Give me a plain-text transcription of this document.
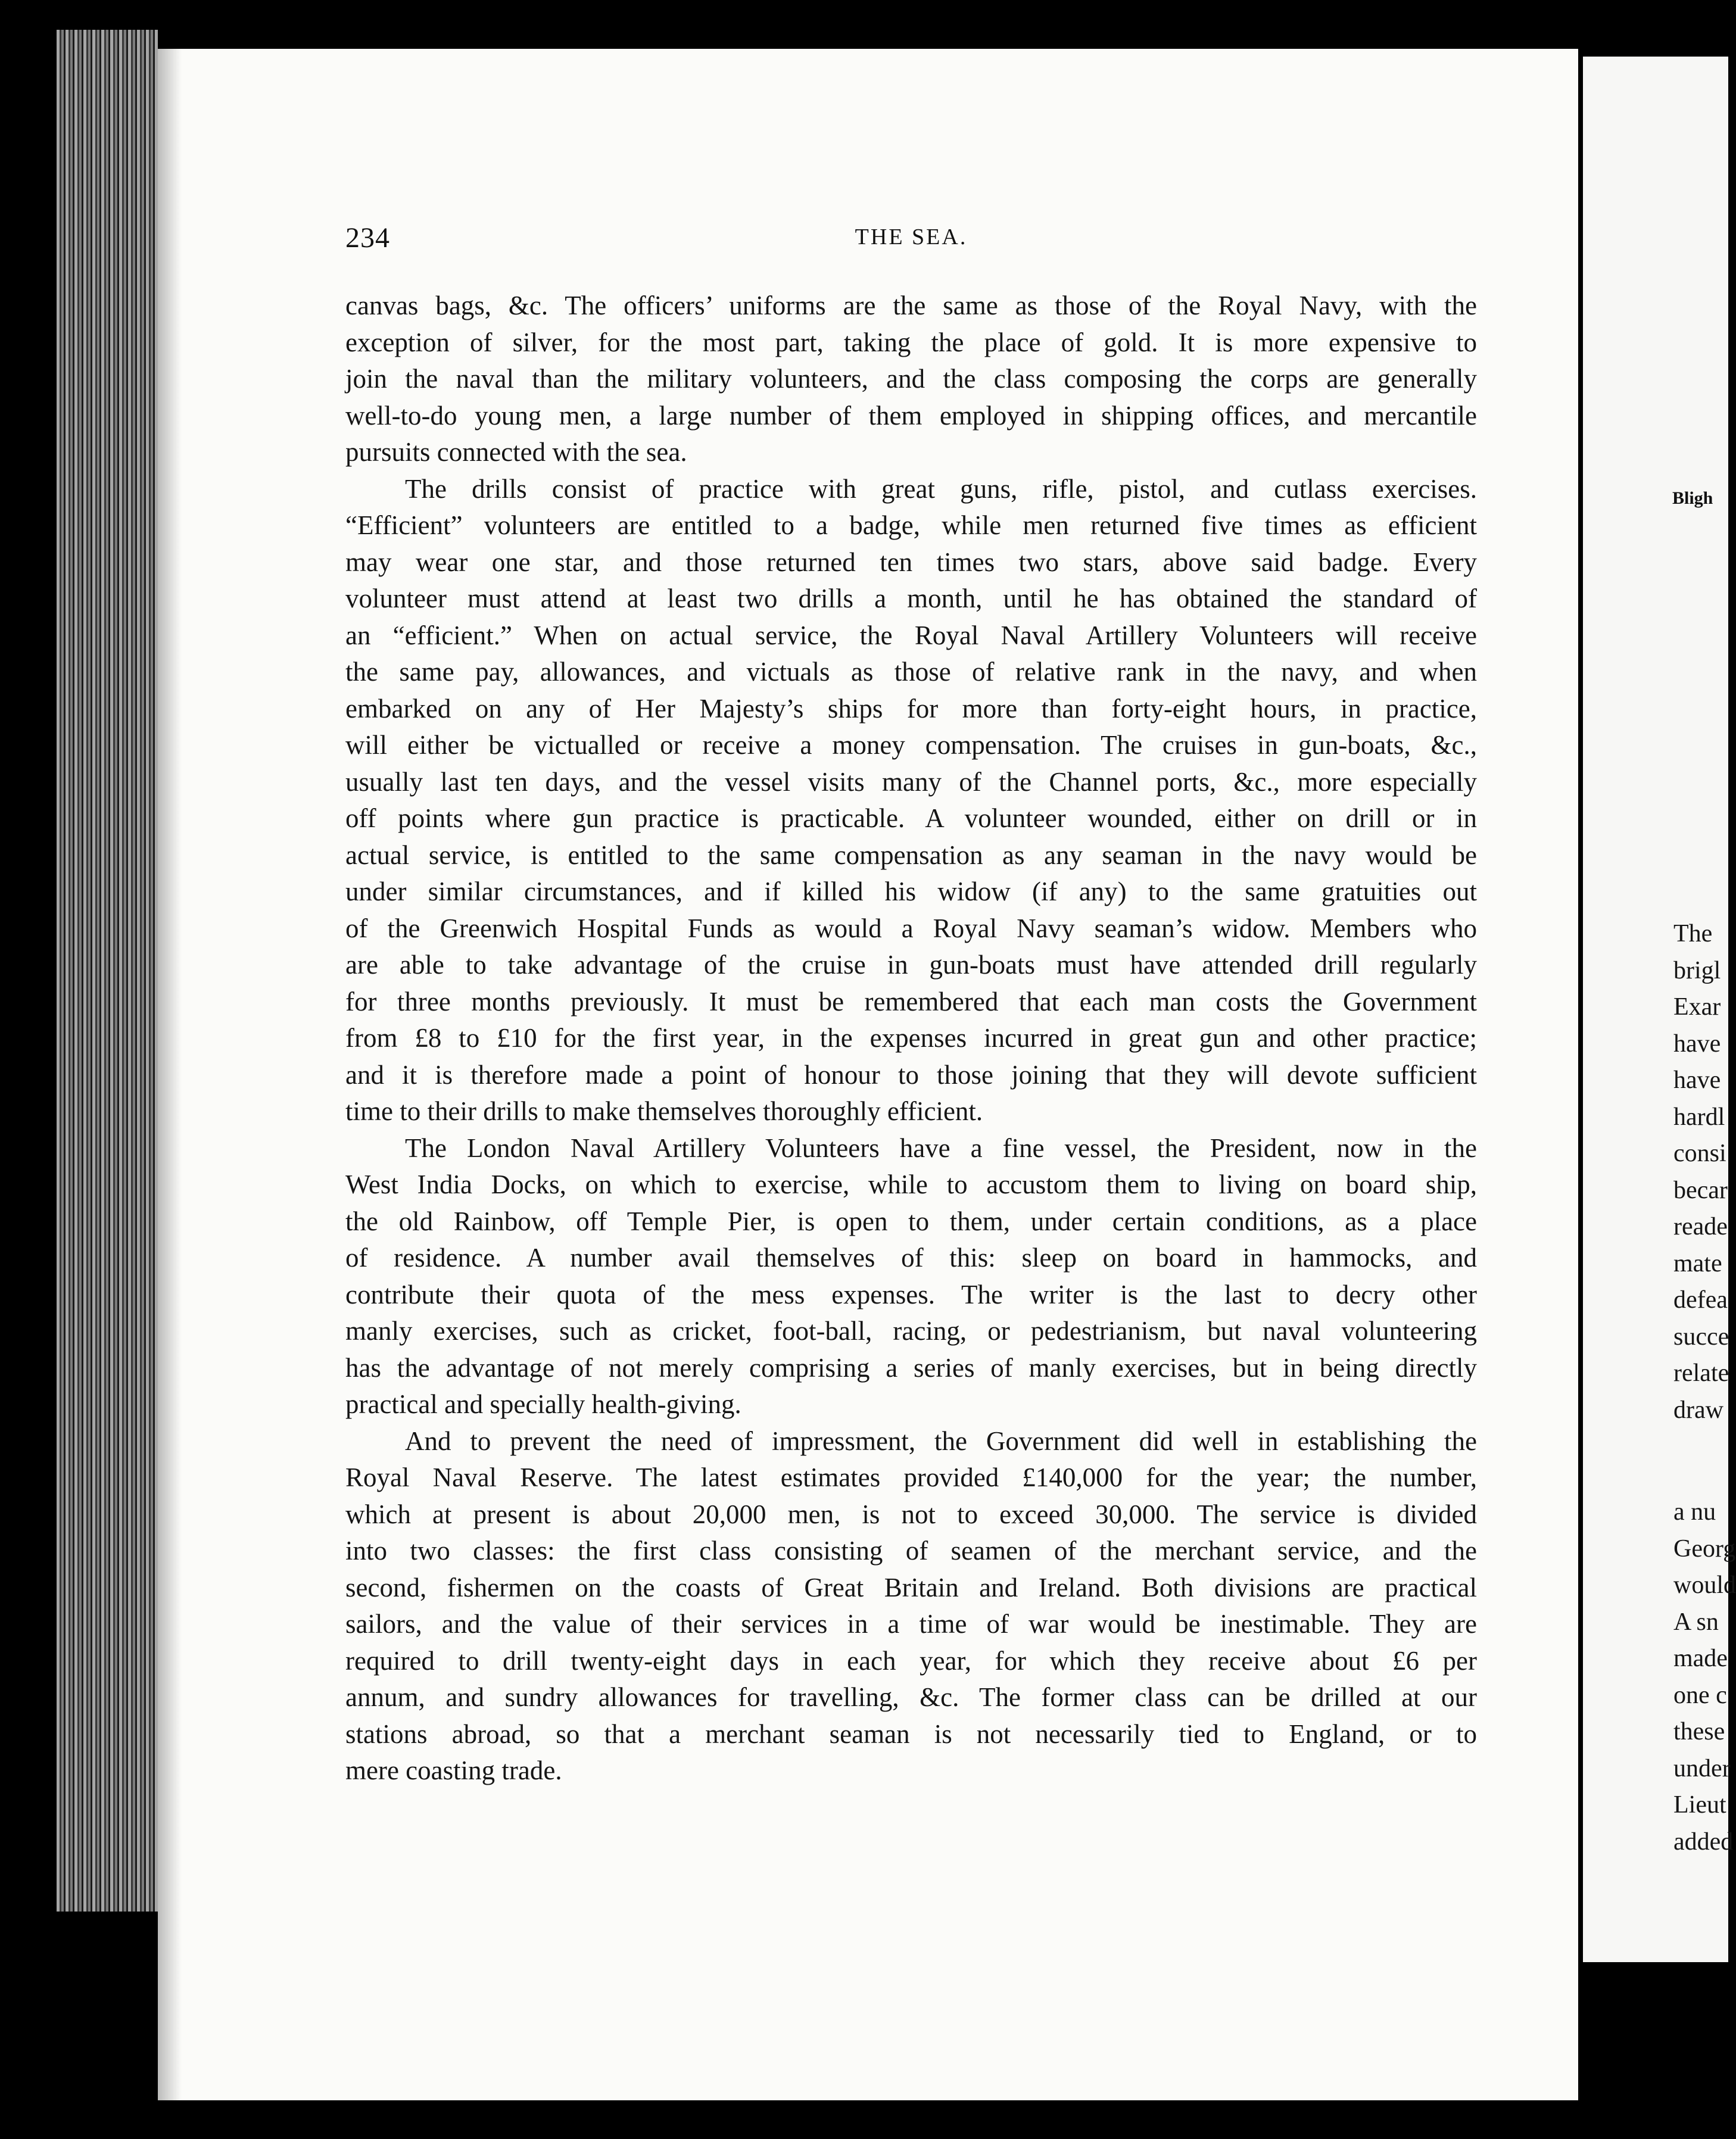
234	THE SEA.
canvas bags, &c. The officers’ uniforms are the same as those of the Royal Navy, with the
exception of silver, for the most part, taking the place of gold. It is more expensive to
join the naval than the military volunteers, and the class composing the corps are generally
well-to-do young men, a large number of them employed in shipping offices, and mercantile
pursuits connected with the sea.
The drills consist of practice with great guns, rifle, pistol, and cutlass exercises.
“Efficient” volunteers are entitled to a badge, while men returned five times as efficient
may wear one star, and those returned ten times two stars, above said badge. Every
volunteer must attend at least two drills a month, until he has obtained the standard of
an “efficient.” When on actual service, the Royal Naval Artillery Volunteers will receive
the same pay, allowances, and victuals as those of relative rank in the navy, and when
embarked on any of Her Majesty’s ships for more than forty-eight hours, in practice,
will either be victualled or receive a money compensation. The cruises in gun-boats, &c.,
usually last ten days, and the vessel visits many of the Channel ports, &c., more especially
off points where gun practice is practicable. A volunteer wounded, either on drill or in
actual service, is entitled to the same compensation as any seaman in the navy would be
under similar circumstances, and if killed his widow (if any) to the same gratuities out
of the Greenwich Hospital Funds as would a Royal Navy seaman’s widow. Members who
are able to take advantage of the cruise in gun-boats must have attended drill regularly
for three months previously. It must be remembered that each man costs the Government
from £8 to £10 for the first year, in the expenses incurred in great gun and other practice;
and it is therefore made a point of honour to those joining that they will devote sufficient
time to their drills to make themselves thoroughly efficient.
The London Naval Artillery Volunteers have a fine vessel, the President, now in the
West India Docks, on which to exercise, while to accustom them to living on board ship,
the old Rainbow, off Temple Pier, is open to them, under certain conditions, as a place
of residence. A number avail themselves of this: sleep on board in hammocks, and
contribute their quota of the mess expenses. The writer is the last to decry other
manly exercises, such as cricket, foot-ball, racing, or pedestrianism, but naval volunteering
has the advantage of not merely comprising a series of manly exercises, but in being directly
practical and specially health-giving.
And to prevent the need of impressment, the Government did well in establishing the
Royal Naval Reserve. The latest estimates provided £140,000 for the year; the number,
which at present is about 20,000 men, is not to exceed 30,000. The service is divided
into two classes: the first class consisting of seamen of the merchant service, and the
second, fishermen on the coasts of Great Britain and Ireland. Both divisions are practical
sailors, and the value of their services in a time of war would be inestimable. They are
required to drill twenty-eight days in each year, for which they receive about £6 per
annum, and sundry allowances for travelling, &c. The former class can be drilled at our
stations abroad, so that a merchant seaman is not necessarily tied to England, or to
mere coasting trade.
Bligh
The
brigl
Exar
have
have
hardl
consi
becar
reade
mate
defea
succe
relate
draw
a nu
Georg
would
A sn
made
one c
these
under
Lieut
added
